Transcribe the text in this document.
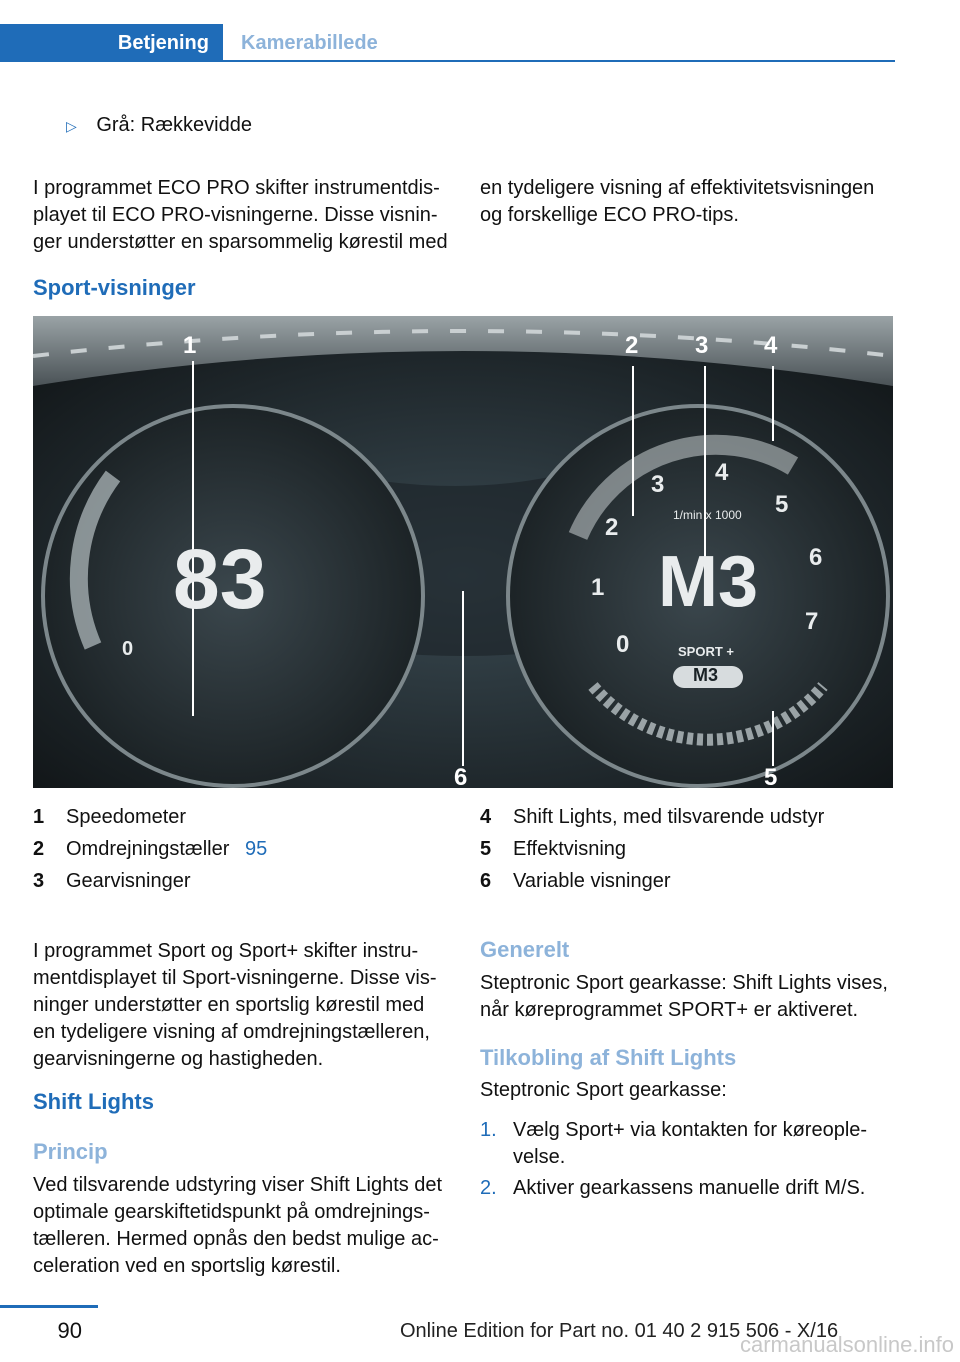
Betjening	Kamerabillede
▷ Grå: Rækkevidde
I programmet ECO PRO skifter instrumentdis‐
playet til ECO PRO-visningerne. Disse visnin‐
ger understøtter en sparsommelig kørestil med
en tydeligere visning af effektivitetsvisningen
og forskellige ECO PRO-tips.
Sport-visninger
1	2 3 4
5
6
83
0
M3
1/min x 1000
SPORT +
M3
0
1
2
3 4
5
6
7
1 Speedometer
2 Omdrejningstæller 95
3 Gearvisninger
4 Shift Lights, med tilsvarende udstyr
5 Effektvisning
6 Variable visninger
I programmet Sport og Sport+ skifter instru‐
mentdisplayet til Sport-visningerne. Disse vis‐
ninger understøtter en sportslig kørestil med
en tydeligere visning af omdrejningstælleren,
gearvisningerne og hastigheden.
Shift Lights
Princip
Ved tilsvarende udstyring viser Shift Lights det
optimale gearskiftetidspunkt på omdrejnings‐
tælleren. Hermed opnås den bedst mulige ac‐
celeration ved en sportslig kørestil.
Generelt
Steptronic Sport gearkasse: Shift Lights vises,
når køreprogrammet SPORT+ er aktiveret.
Tilkobling af Shift Lights
Steptronic Sport gearkasse:
1. Vælg Sport+ via kontakten for køreople‐
velse.
2. Aktiver gearkassens manuelle drift M/S.
90	Online Edition for Part no. 01 40 2 915 506 - X/16
carmanualsonline.info
